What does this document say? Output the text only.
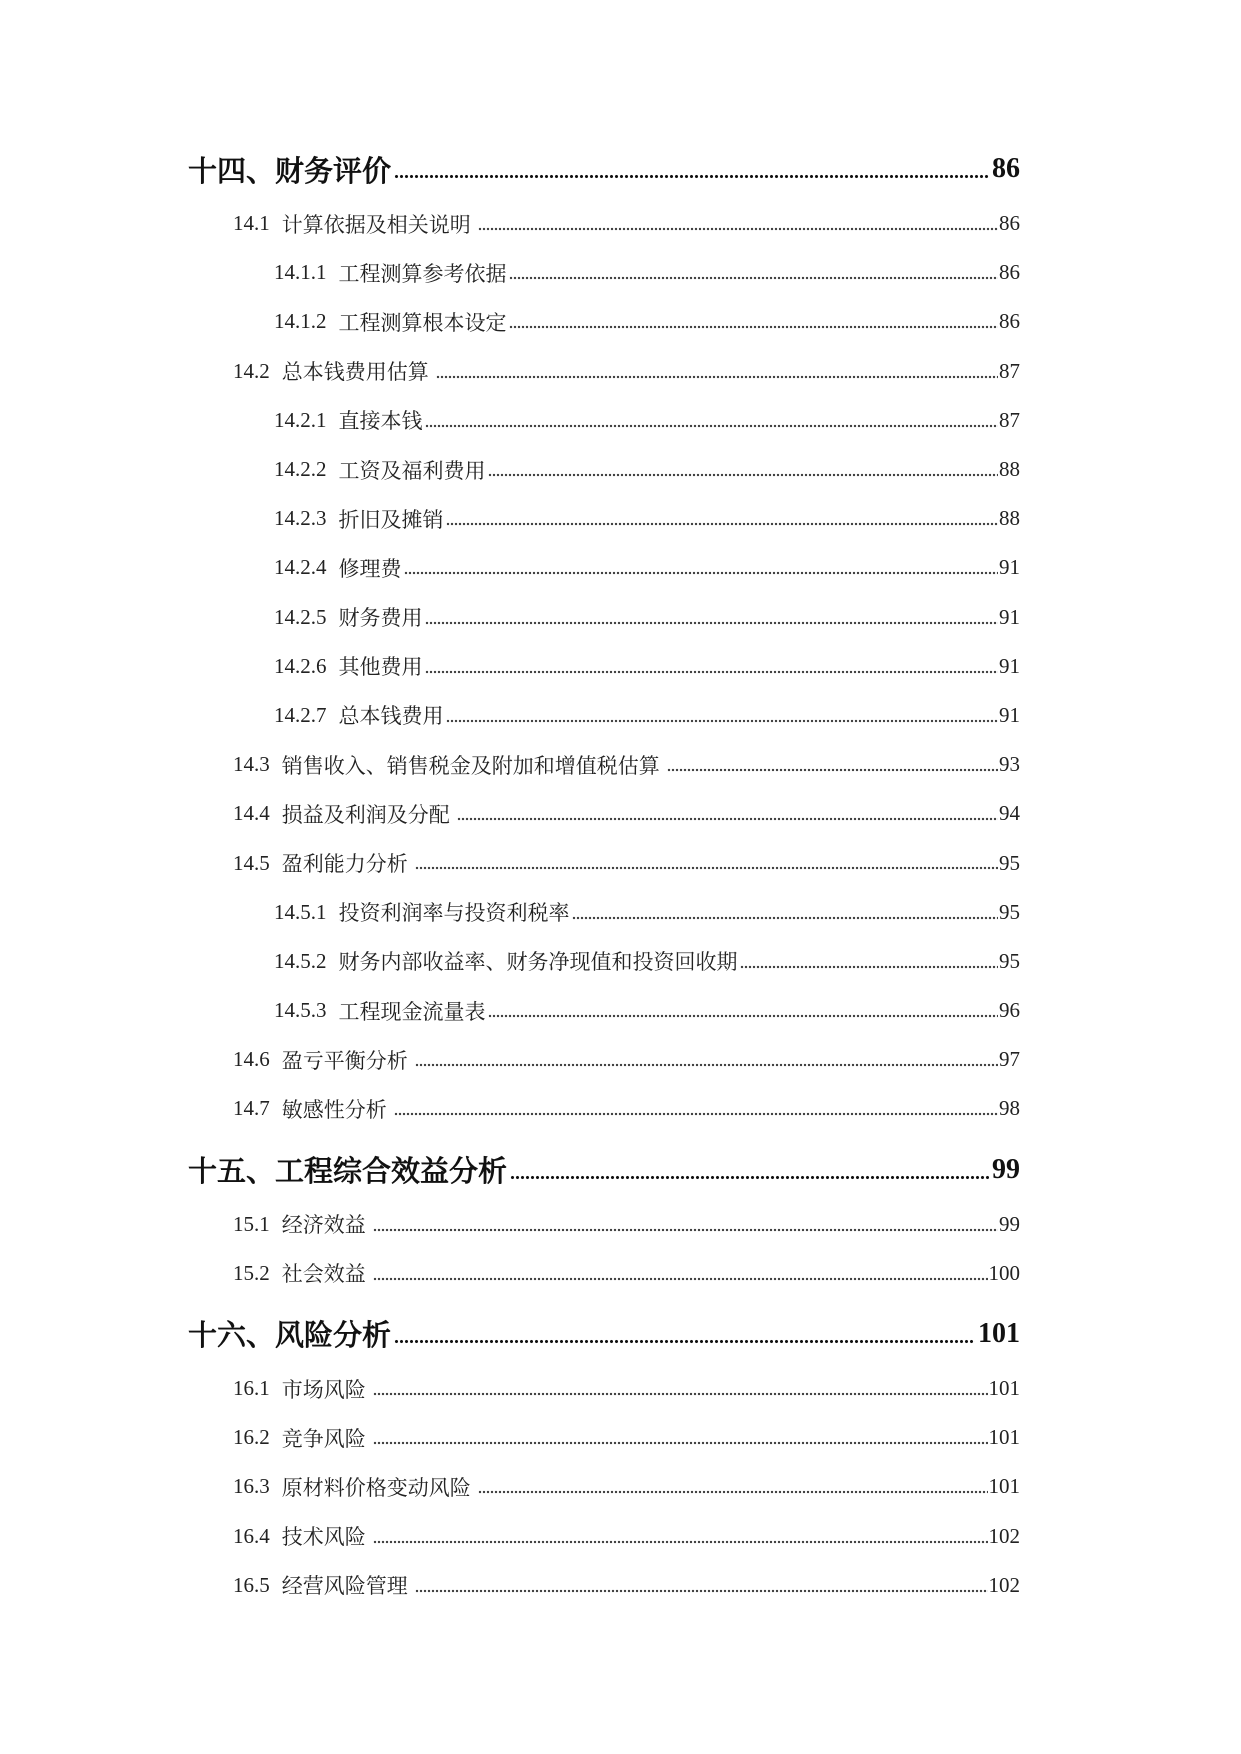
十四、财务评价	86
14.1 计算依据及相关说明	86
14.1.1 工程测算参考依据	86
14.1.2 工程测算根本设定	86
14.2 总本钱费用估算	87
14.2.1 直接本钱	87
14.2.2 工资及福利费用	88
14.2.3 折旧及摊销	88
14.2.4 修理费	91
14.2.5 财务费用	91
14.2.6 其他费用	91
14.2.7 总本钱费用	91
14.3 销售收入、销售税金及附加和增值税估算	93
14.4 损益及利润及分配	94
14.5 盈利能力分析	95
14.5.1 投资利润率与投资利税率	95
14.5.2 财务内部收益率、财务净现值和投资回收期	95
14.5.3 工程现金流量表	96
14.6 盈亏平衡分析	97
14.7 敏感性分析	98
十五、工程综合效益分析	99
15.1 经济效益	99
15.2 社会效益	100
十六、风险分析	101
16.1 市场风险	101
16.2 竞争风险	101
16.3 原材料价格变动风险	101
16.4 技术风险	102
16.5 经营风险管理	102
